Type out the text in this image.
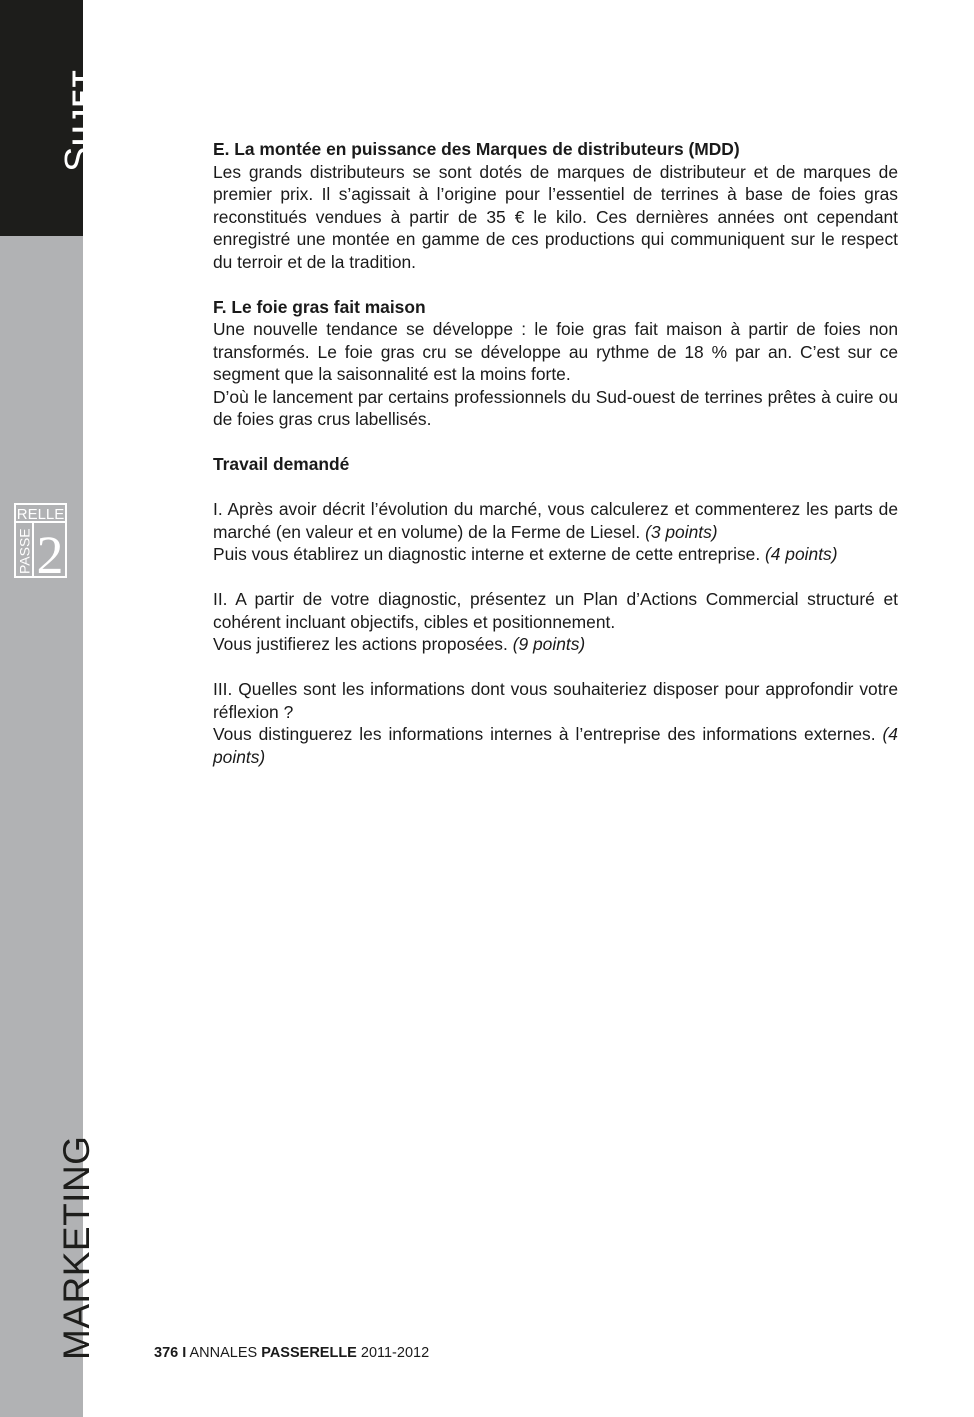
SUJET
RELLE
PASSE 2
MARKETING

E. La montée en puissance des Marques de distributeurs (MDD)

Les grands distributeurs se sont dotés de marques de distributeur et de marques de premier prix. Il s’agissait à l’origine pour l’essentiel de terrines à base de foies gras reconstitués vendues à partir de 35 € le kilo. Ces dernières années ont cependant enregistré une montée en gamme de ces productions qui communiquent sur le respect du terroir et de la tradition.

F. Le foie gras fait maison

Une nouvelle tendance se développe : le foie gras fait maison à partir de foies non transformés. Le foie gras cru se développe au rythme de 18 % par an. C’est sur ce segment que la saisonnalité est la moins forte.

D’où le lancement par certains professionnels du Sud-ouest de terrines prêtes à cuire ou de foies gras crus labellisés.

Travail demandé

I. Après avoir décrit l’évolution du marché, vous calculerez et commenterez les parts de marché (en valeur et en volume) de la Ferme de Liesel. (3 points)

Puis vous établirez un diagnostic interne et externe de cette entreprise. (4 points)

II. A partir de votre diagnostic, présentez un Plan d’Actions Commercial structuré et cohérent incluant objectifs, cibles et positionnement.

Vous justifierez les actions proposées. (9 points)

III. Quelles sont les informations dont vous souhaiteriez disposer pour approfondir votre réflexion ?

Vous distinguerez les informations internes à l’entreprise des informations externes. (4 points)

376 I ANNALES PASSERELLE 2011-2012
